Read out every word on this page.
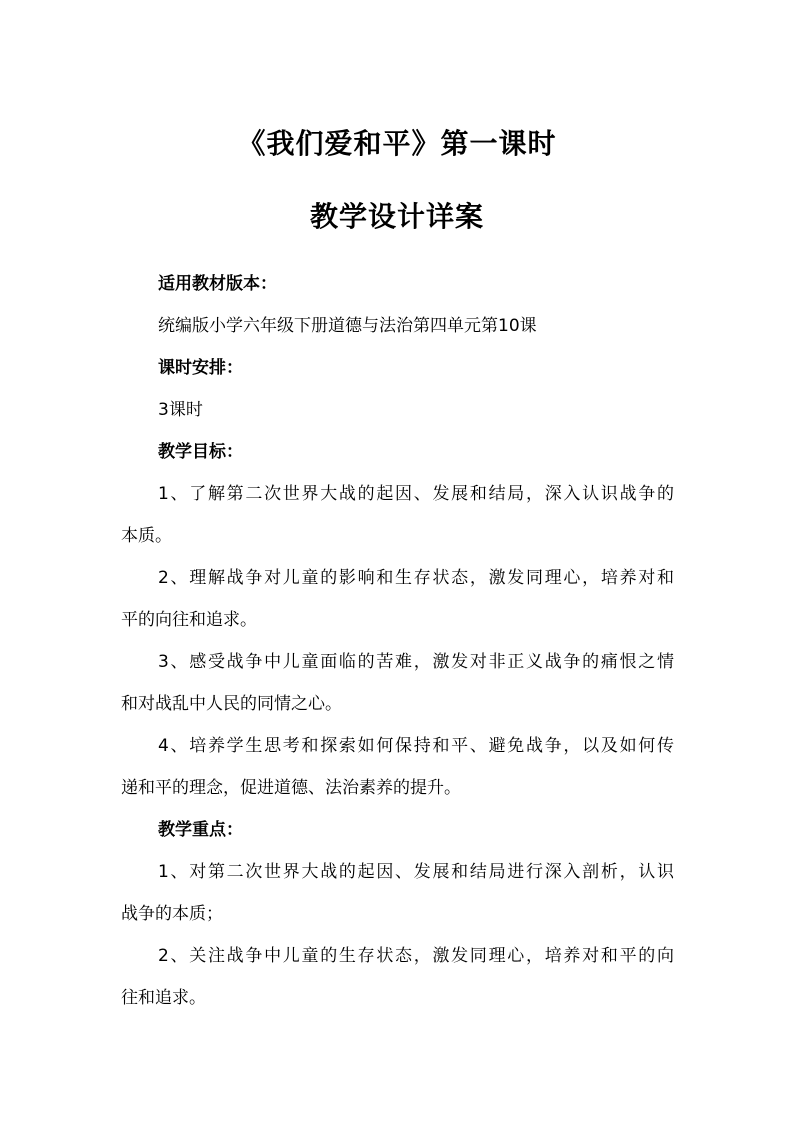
《我们爱和平》第一课时
教学设计详案
适用教材版本：
统编版小学六年级下册道德与法治第四单元第10课
课时安排：
3课时
教学目标：
1、了解第二次世界大战的起因、发展和结局，深入认识战争的
本质。
2、理解战争对儿童的影响和生存状态，激发同理心，培养对和
平的向往和追求。
3、感受战争中儿童面临的苦难，激发对非正义战争的痛恨之情
和对战乱中人民的同情之心。
4、培养学生思考和探索如何保持和平、避免战争，以及如何传
递和平的理念，促进道德、法治素养的提升。
教学重点：
1、对第二次世界大战的起因、发展和结局进行深入剖析，认识
战争的本质；
2、关注战争中儿童的生存状态，激发同理心，培养对和平的向
往和追求。
